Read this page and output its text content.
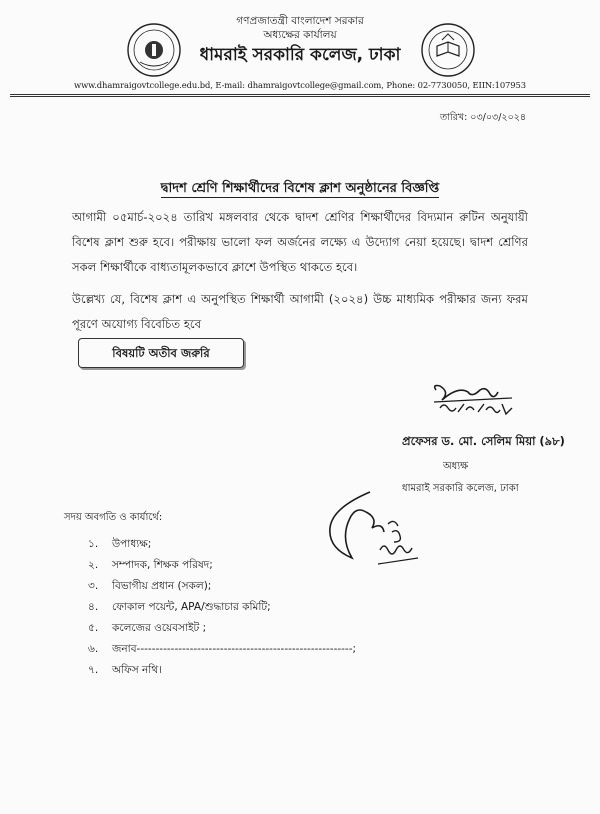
গণপ্রজাতন্ত্রী বাংলাদেশ সরকার
অধ্যক্ষের কার্যালয়
ধামরাই সরকারি কলেজ, ঢাকা
www.dhamraigovtcollege.edu.bd, E-mail: dhamraigovtcollege@gmail.com, Phone: 02-7730050, EIIN:107953
তারিখ: ০৩/০৩/২০২৪
দ্বাদশ শ্রেণি শিক্ষার্থীদের বিশেষ ক্লাশ অনুষ্ঠানের বিজ্ঞপ্তি
আগামী ০৫মার্চ-২০২৪ তারিখ মঙ্গলবার থেকে দ্বাদশ শ্রেণির শিক্ষার্থীদের বিদ্যমান রুটিন অনুযায়ী বিশেষ ক্লাশ শুরু হবে। পরীক্ষায় ভালো ফল অর্জনের লক্ষ্যে এ উদ্যোগ নেয়া হয়েছে। দ্বাদশ শ্রেণির সকল শিক্ষার্থীকে বাধ্যতামূলকভাবে ক্লাশে উপস্থিত থাকতে হবে।
উল্লেখ্য যে, বিশেষ ক্লাশ এ অনুপস্থিত শিক্ষার্থী আগামী (২০২৪) উচ্চ মাধ্যমিক পরীক্ষার জন্য ফরম পূরণে অযোগ্য বিবেচিত হবে
বিষয়টি অতীব জরুরি
প্রফেসর ড. মো. সেলিম মিয়া (৯৮)
অধ্যক্ষ
ধামরাই সরকারি কলেজ, ঢাকা
সদয় অবগতি ও কার্যার্থে:
১. উপাধ্যক্ষ;
২. সম্পাদক, শিক্ষক পরিষদ;
৩. বিভাগীয় প্রধান (সকল);
৪. ফোকাল পয়েন্ট, APA/শুদ্ধাচার কমিটি;
৫. কলেজের ওয়েবসাইট ;
৬. জনাব---------------------------------------------------------;
৭. অফিস নথি।
